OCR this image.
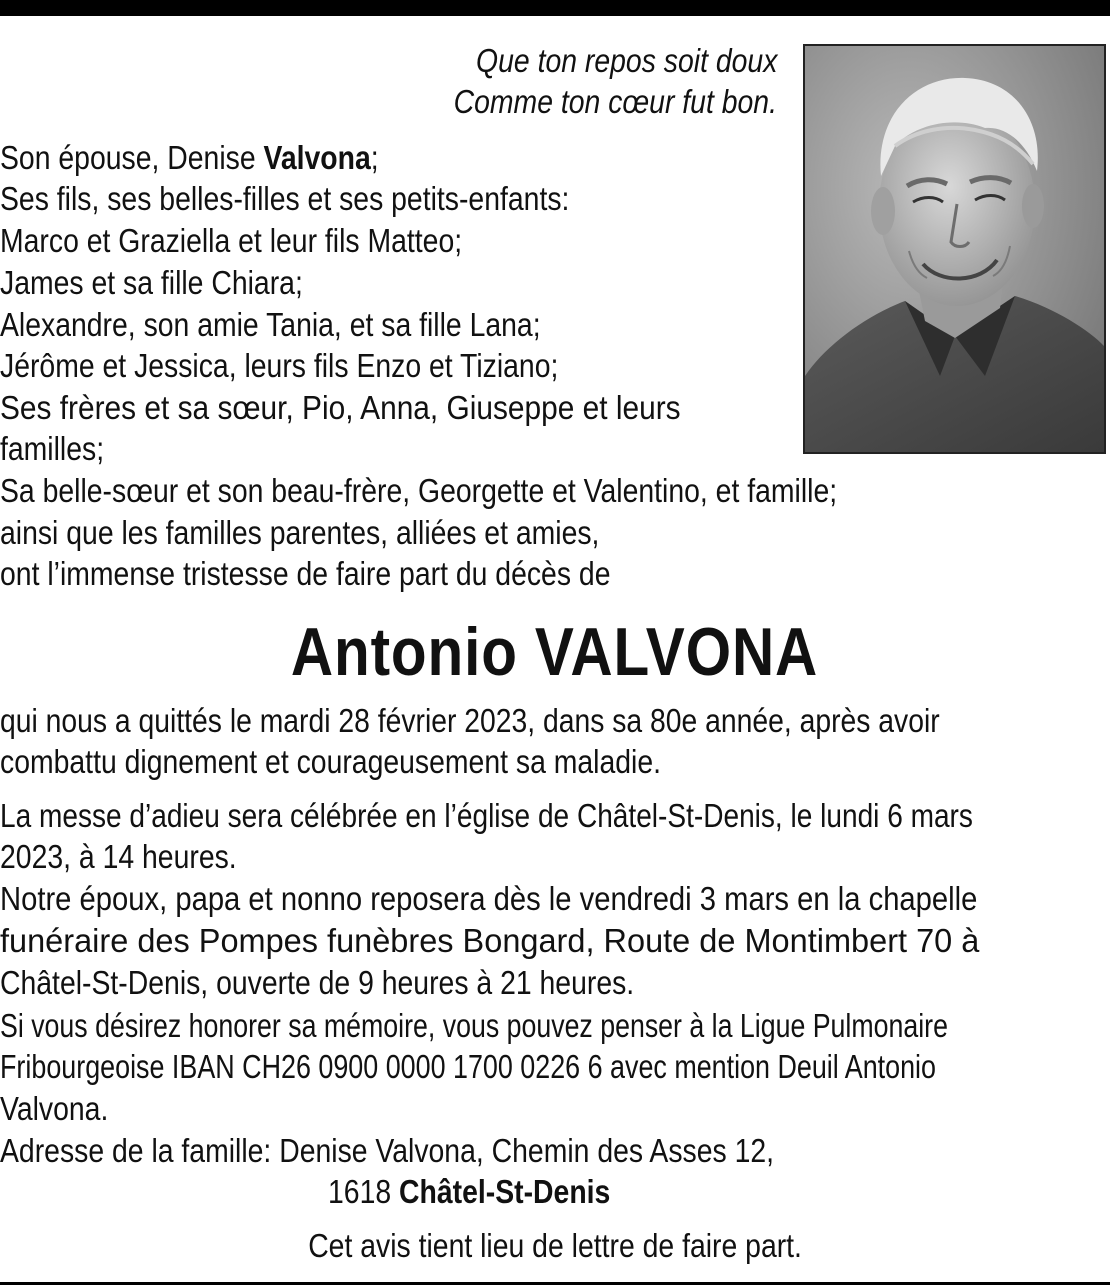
Que ton repos soit doux
Comme ton cœur fut bon.
Son épouse, Denise Valvona;
Ses fils, ses belles-filles et ses petits-enfants:
Marco et Graziella et leur fils Matteo;
James et sa fille Chiara;
Alexandre, son amie Tania, et sa fille Lana;
Jérôme et Jessica, leurs fils Enzo et Tiziano;
Ses frères et sa sœur, Pio, Anna, Giuseppe et leurs
familles;
Sa belle-sœur et son beau-frère, Georgette et Valentino, et famille;
ainsi que les familles parentes, alliées et amies,
ont l’immense tristesse de faire part du décès de
Antonio VALVONA
qui nous a quittés le mardi 28 février 2023, dans sa 80e année, après avoir
combattu dignement et courageusement sa maladie.
La messe d’adieu sera célébrée en l’église de Châtel-St-Denis, le lundi 6 mars
2023, à 14 heures.
Notre époux, papa et nonno reposera dès le vendredi 3 mars en la chapelle
funéraire des Pompes funèbres Bongard, Route de Montimbert 70 à
Châtel-St-Denis, ouverte de 9 heures à 21 heures.
Si vous désirez honorer sa mémoire, vous pouvez penser à la Ligue Pulmonaire
Fribourgeoise IBAN CH26 0900 0000 1700 0226 6 avec mention Deuil Antonio
Valvona.
Adresse de la famille: Denise Valvona, Chemin des Asses 12,
1618 Châtel-St-Denis
Cet avis tient lieu de lettre de faire part.
